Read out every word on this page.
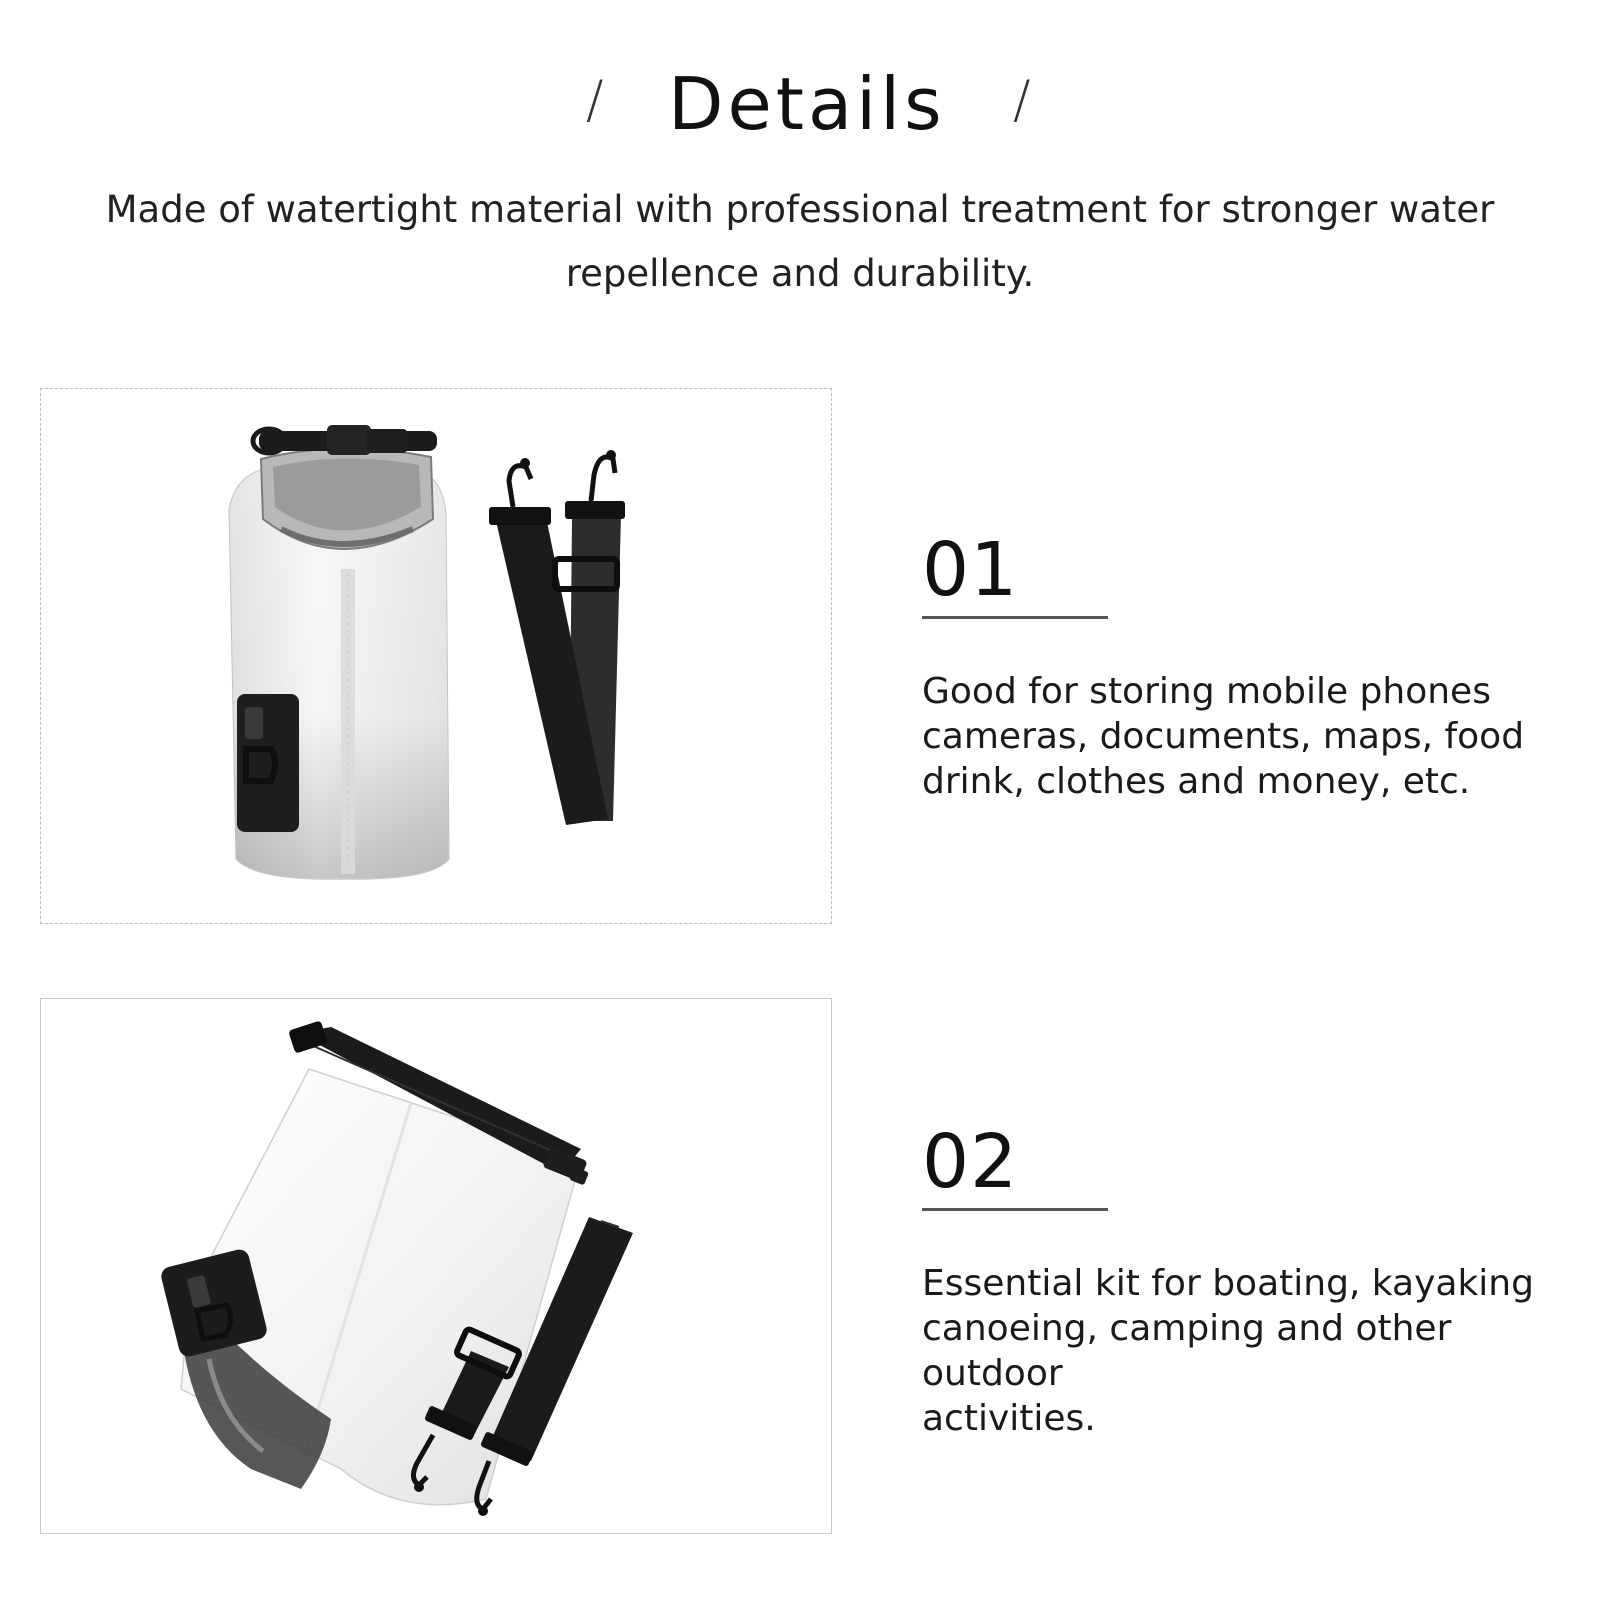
/ Details /
Made of watertight material with professional treatment for stronger water repellence and durability.
01
Good for storing mobile phones
cameras, documents, maps, food
drink, clothes and money, etc.
02
Essential kit for boating, kayaking
canoeing, camping and other outdoor
activities.
